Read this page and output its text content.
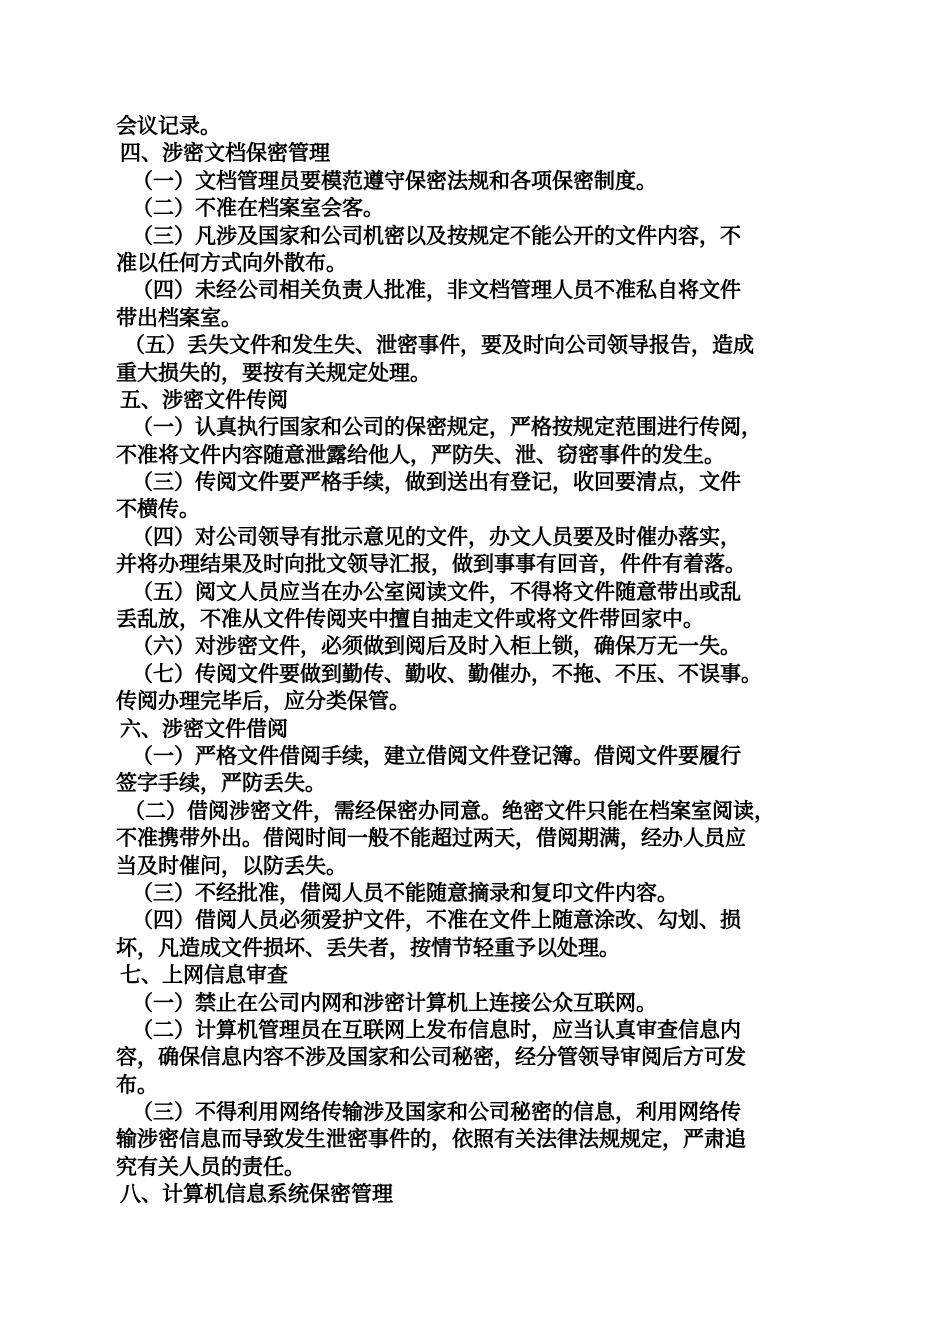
会议记录。
四、涉密文档保密管理
（一）文档管理员要模范遵守保密法规和各项保密制度。
（二）不准在档案室会客。
（三）凡涉及国家和公司机密以及按规定不能公开的文件内容，不
准以任何方式向外散布。
（四）未经公司相关负责人批准，非文档管理人员不准私自将文件
带出档案室。
（五）丢失文件和发生失、泄密事件，要及时向公司领导报告，造成
重大损失的，要按有关规定处理。
五、涉密文件传阅
（一）认真执行国家和公司的保密规定，严格按规定范围进行传阅，
不准将文件内容随意泄露给他人，严防失、泄、窃密事件的发生。
（三）传阅文件要严格手续，做到送出有登记，收回要清点，文件
不横传。
（四）对公司领导有批示意见的文件，办文人员要及时催办落实，
并将办理结果及时向批文领导汇报，做到事事有回音，件件有着落。
（五）阅文人员应当在办公室阅读文件，不得将文件随意带出或乱
丢乱放，不准从文件传阅夹中擅自抽走文件或将文件带回家中。
（六）对涉密文件，必须做到阅后及时入柜上锁，确保万无一失。
（七）传阅文件要做到勤传、勤收、勤催办，不拖、不压、不误事。
传阅办理完毕后，应分类保管。
六、涉密文件借阅
（一）严格文件借阅手续，建立借阅文件登记簿。借阅文件要履行
签字手续，严防丢失。
（二）借阅涉密文件，需经保密办同意。绝密文件只能在档案室阅读，
不准携带外出。借阅时间一般不能超过两天，借阅期满，经办人员应
当及时催问，以防丢失。
（三）不经批准，借阅人员不能随意摘录和复印文件内容。
（四）借阅人员必须爱护文件，不准在文件上随意涂改、勾划、损
坏，凡造成文件损坏、丢失者，按情节轻重予以处理。
七、上网信息审查
（一）禁止在公司内网和涉密计算机上连接公众互联网。
（二）计算机管理员在互联网上发布信息时，应当认真审查信息内
容，确保信息内容不涉及国家和公司秘密，经分管领导审阅后方可发
布。
（三）不得利用网络传输涉及国家和公司秘密的信息，利用网络传
输涉密信息而导致发生泄密事件的，依照有关法律法规规定，严肃追
究有关人员的责任。
八、计算机信息系统保密管理
